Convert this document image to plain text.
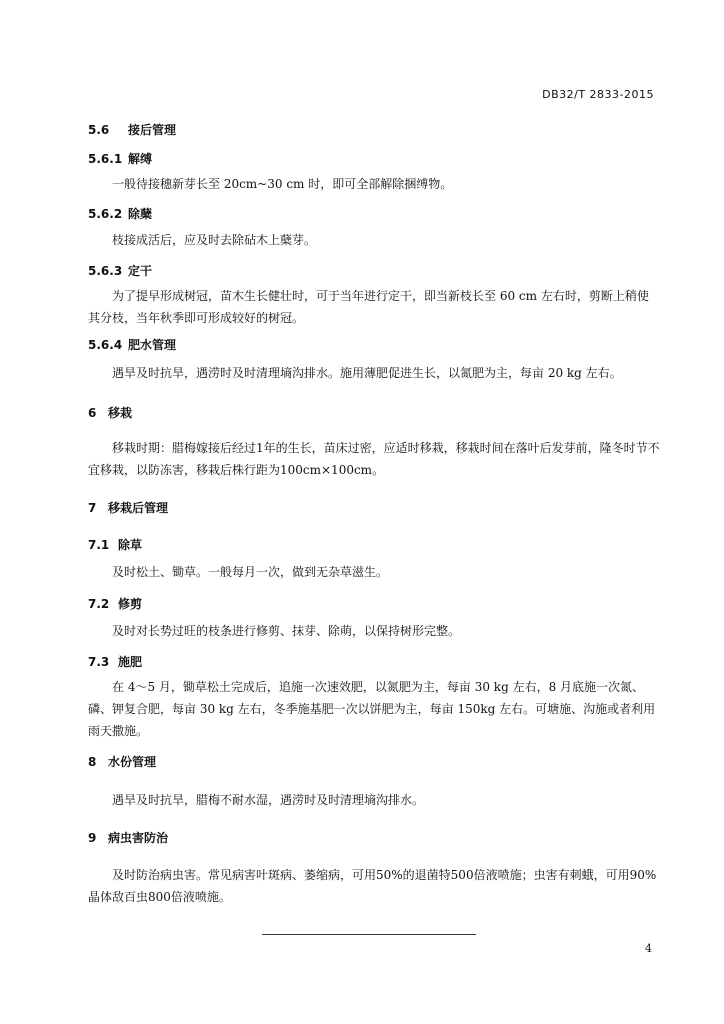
DB32/T 2833-2015
5.6 接后管理
5.6.1 解缚
一般待接穗新芽长至 20cm~30 cm 时，即可全部解除捆缚物。
5.6.2 除蘖
枝接成活后，应及时去除砧木上蘖芽。
5.6.3 定干
为了提早形成树冠，苗木生长健壮时，可于当年进行定干，即当新枝长至 60 cm 左右时，剪断上稍使其分枝，当年秋季即可形成较好的树冠。
5.6.4 肥水管理
遇旱及时抗旱，遇涝时及时清理墒沟排水。施用薄肥促进生长，以氮肥为主，每亩 20 kg 左右。
6 移栽
移栽时期：腊梅嫁接后经过1年的生长，苗床过密，应适时移栽，移栽时间在落叶后发芽前，隆冬时节不宜移栽，以防冻害，移栽后株行距为100cm×100cm。
7 移栽后管理
7.1 除草
及时松土、锄草。一般每月一次，做到无杂草滋生。
7.2 修剪
及时对长势过旺的枝条进行修剪、抹芽、除萌，以保持树形完整。
7.3 施肥
在 4～5 月，锄草松土完成后，追施一次速效肥，以氮肥为主，每亩 30 kg 左右，8 月底施一次氮、磷、钾复合肥，每亩 30 kg 左右，冬季施基肥一次以饼肥为主，每亩 150kg 左右。可塘施、沟施或者利用雨天撒施。
8 水份管理
遇旱及时抗旱，腊梅不耐水湿，遇涝时及时清理墒沟排水。
9 病虫害防治
及时防治病虫害。常见病害叶斑病、萎缩病，可用50%的退菌特500倍液喷施；虫害有刺蛾，可用90%晶体敌百虫800倍液喷施。
4
